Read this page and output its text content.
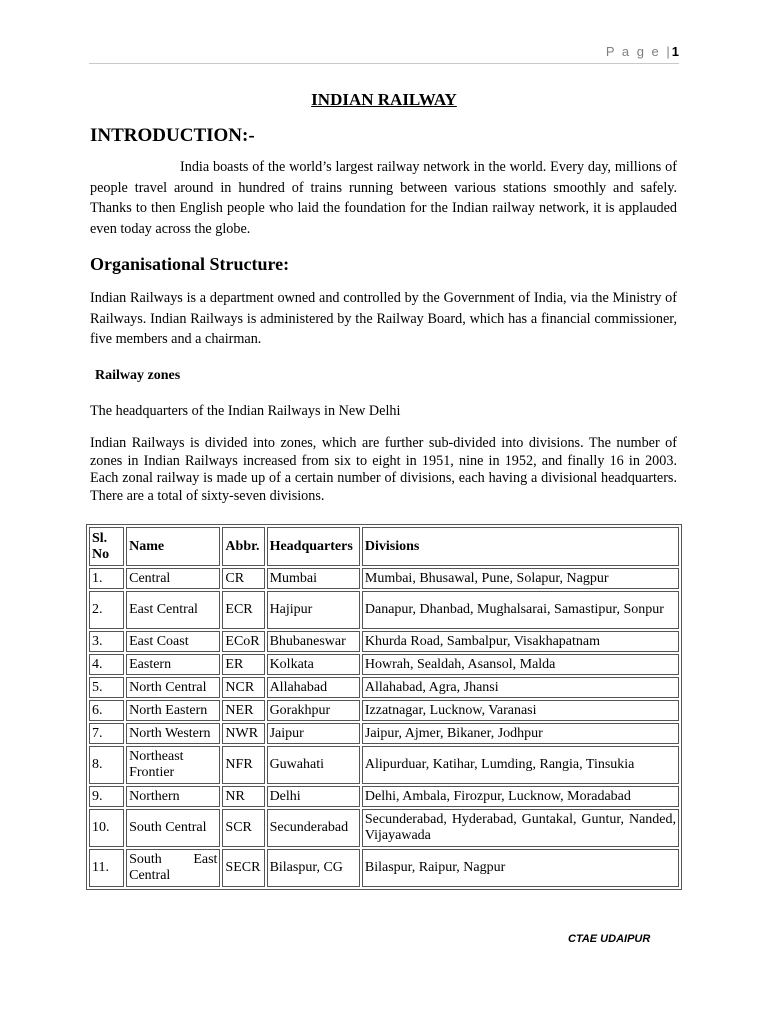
P a g e |1
INDIAN RAILWAY
INTRODUCTION:-

India boasts of the world’s largest railway network in the world. Every day, millions of people travel around in hundred of trains running between various stations smoothly and safely. Thanks to then English people who laid the foundation for the Indian railway network, it is applauded even today across the globe.

Organisational Structure:

Indian Railways is a department owned and controlled by the Government of India, via the Ministry of Railways. Indian Railways is administered by the Railway Board, which has a financial commissioner, five members and a chairman.

Railway zones

The headquarters of the Indian Railways in New Delhi

Indian Railways is divided into zones, which are further sub-divided into divisions. The number of zones in Indian Railways increased from six to eight in 1951, nine in 1952, and finally 16 in 2003. Each zonal railway is made up of a certain number of divisions, each having a divisional headquarters. There are a total of sixty-seven divisions.

Sl. No	Name	Abbr.	Headquarters	Divisions
1.	Central	CR	Mumbai	Mumbai, Bhusawal, Pune, Solapur, Nagpur
2.	East Central	ECR	Hajipur	Danapur, Dhanbad, Mughalsarai, Samastipur, Sonpur
3.	East Coast	ECoR	Bhubaneswar	Khurda Road, Sambalpur, Visakhapatnam
4.	Eastern	ER	Kolkata	Howrah, Sealdah, Asansol, Malda
5.	North Central	NCR	Allahabad	Allahabad, Agra, Jhansi
6.	North Eastern	NER	Gorakhpur	Izzatnagar, Lucknow, Varanasi
7.	North Western	NWR	Jaipur	Jaipur, Ajmer, Bikaner, Jodhpur
8.	Northeast Frontier	NFR	Guwahati	Alipurduar, Katihar, Lumding, Rangia, Tinsukia
9.	Northern	NR	Delhi	Delhi, Ambala, Firozpur, Lucknow, Moradabad
10.	South Central	SCR	Secunderabad	Secunderabad, Hyderabad, Guntakal, Guntur, Nanded, Vijayawada
11.	South East Central	SECR	Bilaspur, CG	Bilaspur, Raipur, Nagpur
CTAE UDAIPUR
